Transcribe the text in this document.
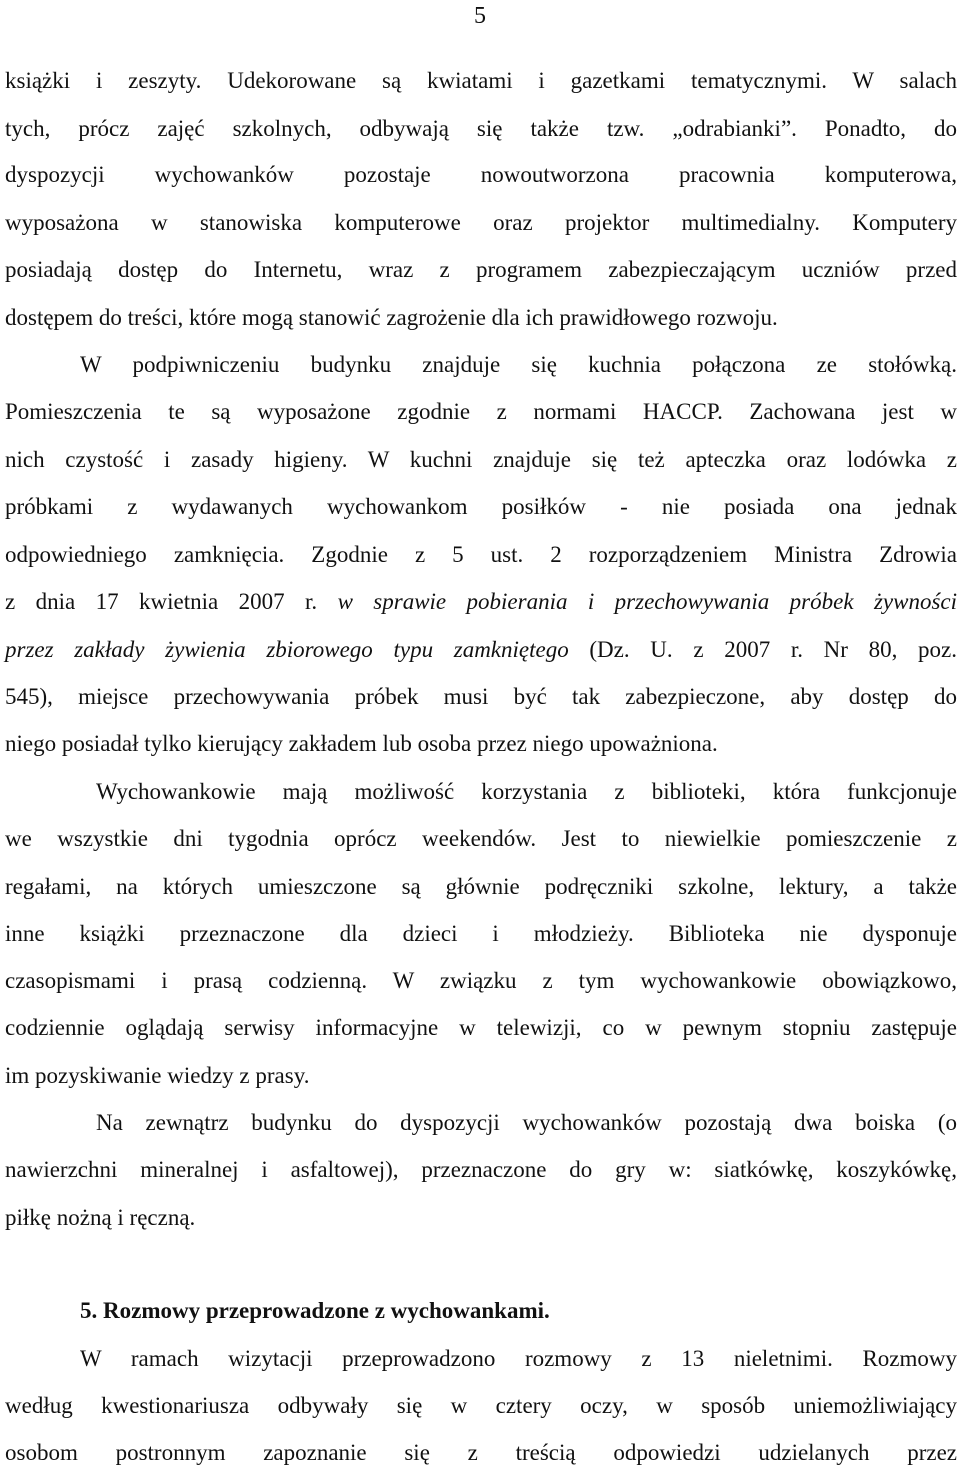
5
książki i zeszyty. Udekorowane są kwiatami i gazetkami tematycznymi. W salach
tych, prócz zajęć szkolnych, odbywają się także tzw. „odrabianki”. Ponadto, do
dyspozycji wychowanków pozostaje nowoutworzona pracownia komputerowa,
wyposażona w stanowiska komputerowe oraz projektor multimedialny. Komputery
posiadają dostęp do Internetu, wraz z programem zabezpieczającym uczniów przed
dostępem do treści, które mogą stanowić zagrożenie dla ich prawidłowego rozwoju.
W podpiwniczeniu budynku znajduje się kuchnia połączona ze stołówką.
Pomieszczenia te są wyposażone zgodnie z normami HACCP. Zachowana jest w
nich czystość i zasady higieny. W kuchni znajduje się też apteczka oraz lodówka z
próbkami z wydawanych wychowankom posiłków - nie posiada ona jednak
odpowiedniego zamknięcia. Zgodnie z 5 ust. 2 rozporządzeniem Ministra Zdrowia
z dnia 17 kwietnia 2007 r. w sprawie pobierania i przechowywania próbek żywności
przez zakłady żywienia zbiorowego typu zamkniętego (Dz. U. z 2007 r. Nr 80, poz.
545), miejsce przechowywania próbek musi być tak zabezpieczone, aby dostęp do
niego posiadał tylko kierujący zakładem lub osoba przez niego upoważniona.
Wychowankowie mają możliwość korzystania z biblioteki, która funkcjonuje
we wszystkie dni tygodnia oprócz weekendów. Jest to niewielkie pomieszczenie z
regałami, na których umieszczone są głównie podręczniki szkolne, lektury, a także
inne książki przeznaczone dla dzieci i młodzieży. Biblioteka nie dysponuje
czasopismami i prasą codzienną. W związku z tym wychowankowie obowiązkowo,
codziennie oglądają serwisy informacyjne w telewizji, co w pewnym stopniu zastępuje
im pozyskiwanie wiedzy z prasy.
Na zewnątrz budynku do dyspozycji wychowanków pozostają dwa boiska (o
nawierzchni mineralnej i asfaltowej), przeznaczone do gry w: siatkówkę, koszykówkę,
piłkę nożną i ręczną.
5. Rozmowy przeprowadzone z wychowankami.
W ramach wizytacji przeprowadzono rozmowy z 13 nieletnimi. Rozmowy
według kwestionariusza odbywały się w cztery oczy, w sposób uniemożliwiający
osobom postronnym zapoznanie się z treścią odpowiedzi udzielanych przez
